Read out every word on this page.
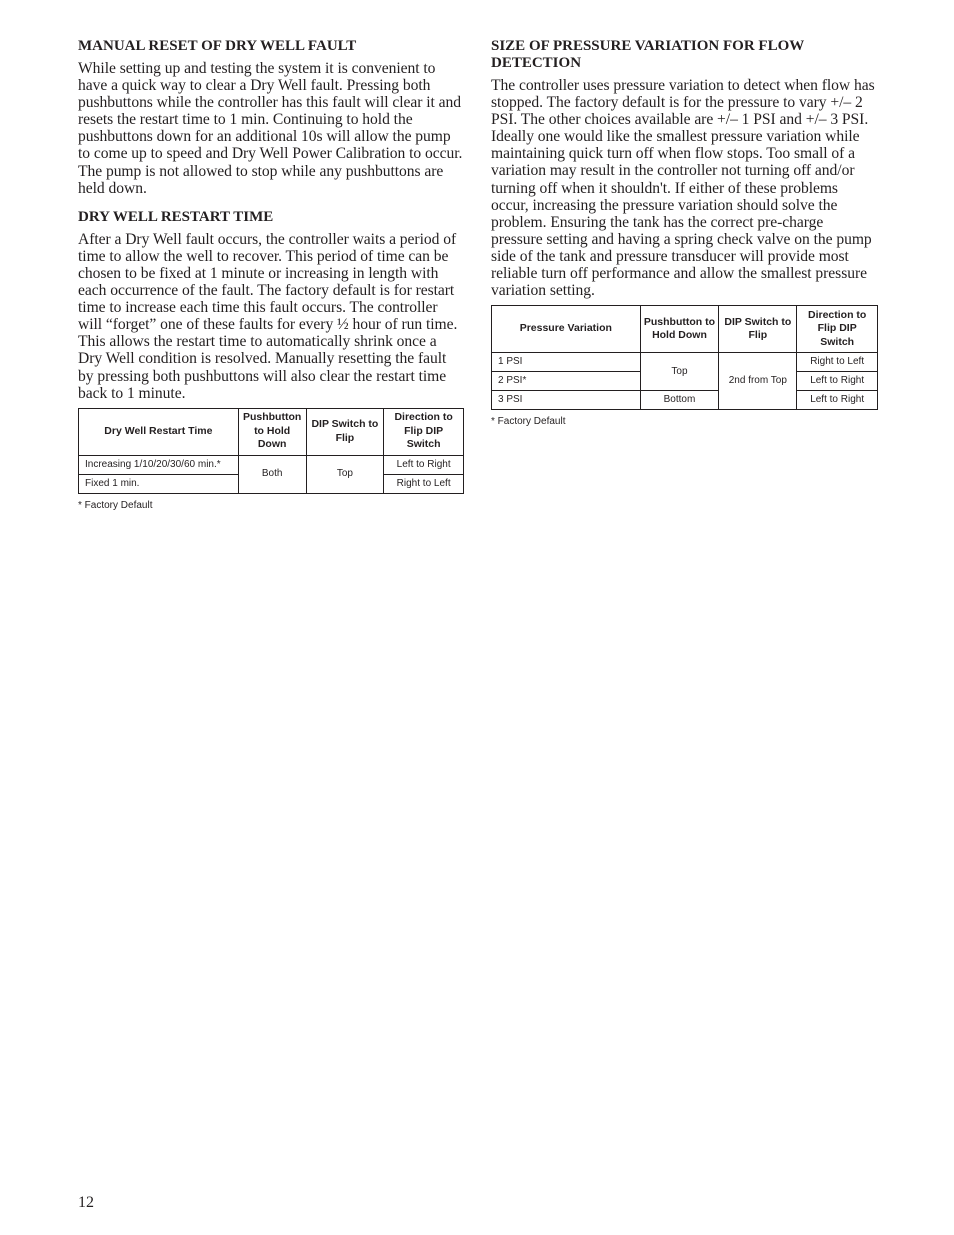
MANUAL RESET OF DRY WELL FAULT

While setting up and testing the system it is convenient to have a quick way to clear a Dry Well fault. Pressing both pushbuttons while the controller has this fault will clear it and resets the restart time to 1 min. Continuing to hold the pushbuttons down for an additional 10s will allow the pump to come up to speed and Dry Well Power Calibration to occur. The pump is not allowed to stop while any pushbuttons are held down.

DRY WELL RESTART TIME

After a Dry Well fault occurs, the controller waits a period of time to allow the well to recover. This period of time can be chosen to be fixed at 1 minute or increasing in length with each occurrence of the fault. The factory default is for restart time to increase each time this fault occurs. The controller will “forget” one of these faults for every ½ hour of run time. This allows the restart time to automatically shrink once a Dry Well condition is resolved. Manually resetting the fault by pressing both pushbuttons will also clear the restart time back to 1 minute.

Dry Well Restart Time	Pushbutton to Hold Down	DIP Switch to Flip	Direction to Flip DIP Switch
Increasing 1/10/20/30/60 min.*	Both	Top	Left to Right
Fixed 1 min.			Right to Left
* Factory Default
SIZE OF PRESSURE VARIATION FOR FLOW DETECTION

The controller uses pressure variation to detect when flow has stopped. The factory default is for the pressure to vary +/– 2 PSI. The other choices available are +/– 1 PSI and +/– 3 PSI. Ideally one would like the smallest pressure variation while maintaining quick turn off when flow stops. Too small of a variation may result in the controller not turning off and/or turning off when it shouldn't. If either of these problems occur, increasing the pressure variation should solve the problem. Ensuring the tank has the correct pre-charge pressure setting and having a spring check valve on the pump side of the tank and pressure transducer will provide most reliable turn off performance and allow the smallest pressure variation setting.

Pressure Variation	Pushbutton to Hold Down	DIP Switch to Flip	Direction to Flip DIP Switch
1 PSI	Top	2nd from Top	Right to Left
2 PSI*			Left to Right
3 PSI	Bottom		Left to Right
* Factory Default
12
